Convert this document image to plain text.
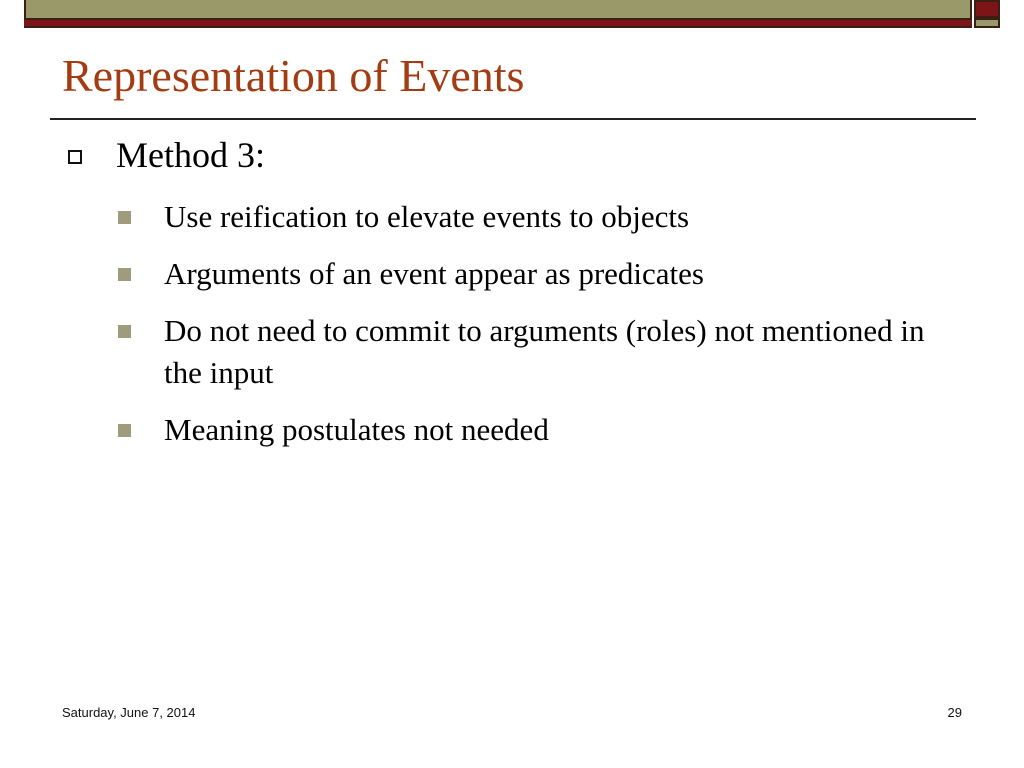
Representation of Events
Method 3:
Use reification to elevate events to objects
Arguments of an event appear as predicates
Do not need to commit to arguments (roles) not mentioned in the input
Meaning postulates not needed
Saturday, June 7, 2014	29
